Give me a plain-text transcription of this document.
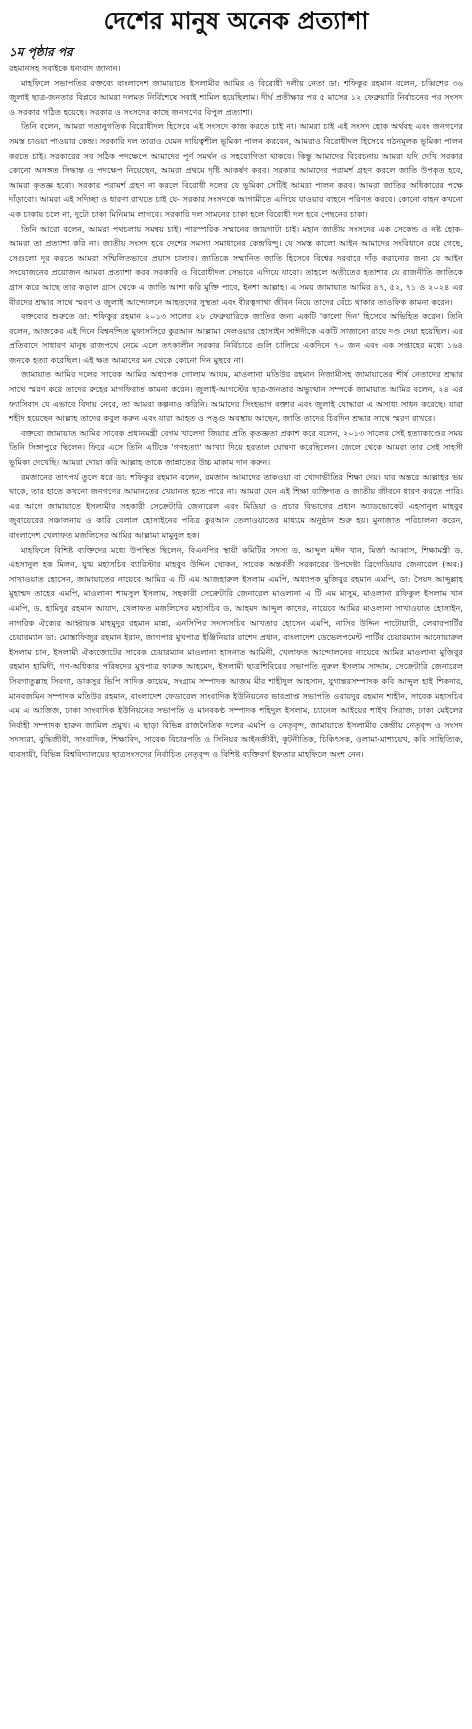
দেশের মানুষ অনেক প্রত্যাশা
১ম পৃষ্ঠার পর

রহমানসহ সবাইকে ধন্যবাদ জানান।

মাহফিলে সভাপতির বক্তব্যে বাংলাদেশ জামায়াতে ইসলামীর আমির ও বিরোধী দলীয় নেতা ডা: শফিকুর রহমান বলেন, চব্বিশের ৩৬ জুলাই ছাত্র-জনতার বিপ্লবে আমরা দলমত নির্বিশেষে সবাই শামিল হয়েছিলাম। দীর্ঘ প্রতীক্ষার পর ৫ মাসের ১২ ফেব্রুয়ারি নির্বাচনের পর সংসদ ও সরকার গঠিত হয়েছে। সরকার ও সংসদের কাছে জনগণের বিপুল প্রত্যাশা।

তিনি বলেন, আমরা গতানুগতিক বিরোধীদল হিসেবে এই সংসদে কাজ করতে চাই না। আমরা চাই এই সংসদ হোক অর্থবহ এবং জনগণের সমস্ত চাওয়া পাওয়ার কেন্দ্র। সরকারি দল তারাও যেমন দায়িত্বশীল ভূমিকা পালন করবেন, আমরাও বিরোধীদল হিসেবে গঠনমূলক ভূমিকা পালন করতে চাই। সরকারের সব সঠিক পদক্ষেপে আমাদের পূর্ণ সমর্থন ও সহযোগিতা থাকবে। কিন্তু আমাদের বিবেচনায় আমরা যদি দেখি সরকার কোনো অসঙ্গত সিদ্ধান্ত ও পদক্ষেপ নিয়েছেন, আমরা প্রথমে দৃষ্টি আকর্ষণ করব। সরকার আমাদের পরামর্শ গ্রহণ করলে জাতি উপকৃত হবে, আমরা কৃতজ্ঞ হবো। সরকার পরামর্শ গ্রহণ না করলে বিরোধী দলের যে ভূমিকা সেটিই আমরা পালন করব। আমরা জাতির অধিকারের পক্ষে দাঁড়াবো। আমরা এই সদিচ্ছা ও ধারণা রাখতে চাই যে- সরকার সংসদকে আগামীতে এগিয়ে যাওয়ার বাহনে পরিণত করবে। কোনো বাহন কখনো এক চাকায় চলে না, দুটো চাকা মিনিমাম লাগবে। সরকারি দল সামনের চাকা হলে বিরোধী দল হবে পেছনের চাকা।

তিনি আরো বলেন, আমরা পথচলায় সমন্বয় চাই। পারস্পরিক সম্মানের জায়গাটা চাই। মহান জাতীয় সংসদের এক সেকেন্ড ও নষ্ট হোক-আমরা তা প্রত্যাশা করি না। জাতীয় সংসদ হবে দেশের সমস্যা সমাধানের কেন্দ্রবিন্দু। যে সমস্ত কালো আইন আমাদের সংবিধানে রয়ে গেছে, সেগুলো দূর করতে আমরা সম্মিলিতভাবে প্রয়াস চালাব। জাতিকে সম্মানিত জাতি হিসেবে বিশ্বের দরবারে দাঁড় করানোর জন্য যে আইন সংযোজনের প্রয়োজন আমরা প্রত্যাশা করব সরকারি ও বিরোধীদল সেভাবে এগিয়ে যাবো। তাহলে অতীতের হতাশার যে রাজনীতি জাতিকে গ্রাস করে আছে তার কড়াল গ্রাস থেকে এ জাতি আশা করি মুক্তি পাবে, ইনশা আল্লাহ। এ সময় জামায়াত আমির ৪৭, ৫২, ৭১ ও ২০২৪ এর বীরদের শ্রদ্ধার সাথে স্মরণ ও জুলাই আন্দোলনে আহতদের সুস্থতা এবং বীরত্বগাথা জীবন নিয়ে তাদের বেঁচে থাকার তাওফিক কামনা করেন।

বক্তব্যের শুরুতে ডা: শফিকুর রহমান ২০১৩ সালের ২৮ ফেব্রুয়ারিকে জাতির জন্য একটি 'কালো দিন' হিসেবে অভিহিত করেন। তিনি বলেন, আজকের এই দিনে বিশ্বনন্দিত মুফাসসিরে কুরআন আল্লামা দেলওয়ার হোসাইন সাঈদীকে একটি সাজানো রায়ে দণ্ড দেয়া হয়েছিল। এর প্রতিবাদে সাধারণ মানুষ রাজপথে নেমে এলে তৎকালীন সরকার নির্বিচারে গুলি চালিয়ে একদিনে ৭০ জন এবং এক সপ্তাহের মধ্যে ১৬৪ জনকে হত্যা করেছিল। এই ক্ষত আমাদের মন থেকে কোনো দিন মুছবে না।

জামায়াত আমির দলের সাবেক আমির অধ্যাপক গোলাম আযম, মাওলানা মতিউর রহমান নিজামীসহ জামায়াতের শীর্ষ নেতাদের শ্রদ্ধার সাথে স্মরণ করে তাদের রুহের মাগফিরাত কামনা করেন। জুলাই-আগস্টের ছাত্র-জনতার অভ্যুত্থান সম্পর্কে জামায়াত আমির বলেন, ২৪ এর ফ্যাসিবাদ যে এভাবে বিদায় নেবে, তা আমরা কল্পনাও করিনি। আমাদের সিংহভাগ বক্তার এবং জুলাই যোদ্ধারা এ অসাধ্য সাধন করেছে। যারা শহীদ হয়েছেন আল্লাহ তাদের কবুল করুন এবং যারা আহত ও পঙ্গু অবস্থায় আছেন, জাতি তাদের চিরদিন শ্রদ্ধার সাথে স্মরণ রাখবে।

বক্তব্যে জামায়াত আমির সাবেক প্রধানমন্ত্রী বেগম খালেদা জিয়ার প্রতি কৃতজ্ঞতা প্রকাশ করে বলেন, ২০১৩ সালের সেই হত্যাকাণ্ডের সময় তিনি সিঙ্গাপুরে ছিলেন। ফিরে এসে তিনি এটিকে 'গণহত্যা' আখ্যা দিয়ে হরতাল ঘোষণা করেছিলেন। জেলে থেকে আমরা তার সেই সাহসী ভূমিকা দেখেছি। আমরা দোয়া করি আল্লাহ তাকে জান্নাতের উচ্চ মাকাম দান করুন।

রমজানের তাৎপর্য তুলে ধরে ডা: শফিকুর রহমান বলেন, রমজান আমাদের তাকওয়া বা খোদাভীতির শিক্ষা দেয়। যার অন্তরে আল্লাহর ভয় থাকে, তার হাতে কখনো জনগণের আমানতের খেয়ানত হতে পারে না। আমরা যেন এই শিক্ষা ব্যক্তিগত ও জাতীয় জীবনে ধারণ করতে পারি। এর আগে জামায়াতে ইসলামীর সহকারী সেক্রেটারি জেনারেল এবং মিডিয়া ও প্রচার বিভাগের প্রধান অ্যাডভোকেট এহসানুল মাহবুব জুবায়েরের সঞ্চালনায় ও কারি বেলাল হোসাইনের পবিত্র কুরআন তেলাওয়াতের মাধ্যমে অনুষ্ঠান শুরু হয়। মুনাজাত পরিচালনা করেন, বাংলাদেশ খেলাফত মজলিসের আমির আল্লামা মামুনুল হক।

মাহফিলে বিশিষ্ট ব্যক্তিদের মধ্যে উপস্থিত ছিলেন, বিএনপির স্থায়ী কমিটির সদস্য ড. আব্দুল মঈন খান, মির্জা আব্বাস, শিক্ষামন্ত্রী ড. এহসানুল হক মিলন, যুগ্ম মহাসচিব ব্যারিস্টার মাহবুব উদ্দিন খোকন, সাবেক অন্তর্বর্তী সরকারের উপদেষ্টা ব্রিগেডিয়ার জেনারেল (অব:) সাখাওয়াত হোসেন, জামায়াতের নায়েবে আমির এ টি এম আজহারুল ইসলাম এমপি, অধ্যাপক মুজিবুর রহমান এমপি, ডা: সৈয়দ আব্দুল্লাহ মুহাম্মদ তাহের এমপি, মাওলানা শামসুল ইসলাম, সহকারী সেক্রেটারি জেনারেল মাওলানা এ টি এম মাসুম, মাওলানা রফিকুল ইসলাম খান এমপি, ড. হামিদুর রহমান আযাদ, খেলাফত মজলিসের মহাসচিব ড. আহমদ আব্দুল কাদের, নায়েবে আমির মাওলানা সাখাওয়াত হোসাইন, নাগরিক ঐক্যের আহ্বায়ক মাহমুদুর রহমান মান্না, এনসিপির সদস্যসচিব আখতার হোসেন এমপি, নাসির উদ্দিন পাটোয়ারী, লেবারপার্টির চেয়ারম্যান ডা: মোস্তাফিজুর রহমান ইরান, জাগপার মুখপাত্র ইঞ্জিনিয়ার রাশেদ প্রধান, বাংলাদেশ ডেভেলপমেন্ট পার্টির চেয়ারম্যান আনোয়ারুল ইসলাম চান, ইসলামী ঐক্যজোটের সাবেক চেয়ারম্যান মাওলানা হাসনাত আমিনী, খেলাফত আন্দোলনের নায়েবে আমির মাওলানা মুজিবুর রহমান হামিদী, গণ-অধিকার পরিষদের মুখপাত্র ফারুক আহমেদ, ইসলামী ছাত্রশিবিরের সভাপতি নুরুল ইসলাম সাদ্দাম, সেক্রেটারি জেনারেল সিবগাতুল্লাহ সিবগা, ডাকসুর ভিপি সাদিক কায়েম, সংগ্রাম সম্পাদক আজম মীর শাহীদুল আহসান, যুগান্তরসম্পাদক কবি আব্দুল হাই শিকদার, মানবজমিন সম্পাদক মতিউর রহমান, বাংলাদেশ ফেডারেল সাংবাদিক ইউনিয়নের ভারপ্রাপ্ত সভাপতি ওবায়দুর রহমান শাহীন, সাবেক মহাসচিব এম এ আজিজ, ঢাকা সাংবাদিক ইউনিয়নের সভাপতি ও মানবকণ্ঠ সম্পাদক শহিদুল ইসলাম, চ্যানেল আইয়ের শাইখ সিরাজ, ঢাকা মেইলের নির্বাহী সম্পাদক হারুন জামিল প্রমুখ। এ ছাড়া বিভিন্ন রাজনৈতিক দলের এমপি ও নেতৃবৃন্দ, জামায়াতে ইসলামীর কেন্দ্রীয় নেতৃবৃন্দ ও সংসদ সদস্যরা, বুদ্ধিজীবী, সাংবাদিক, শিক্ষাবিদ, সাবেক বিচারপতি ও সিনিয়র আইনজীবী, কূটনীতিক, চিকিৎসক, ওলামা-মাশায়েখ, কবি সাহিত্যিক, ব্যবসায়ী, বিভিন্ন বিশ্ববিদ্যালয়ের ছাত্রসংসদের নির্বাচিত নেতৃবৃন্দ ও বিশিষ্ট ব্যক্তিবর্গ ইফতার মাহফিলে অংশ নেন।
